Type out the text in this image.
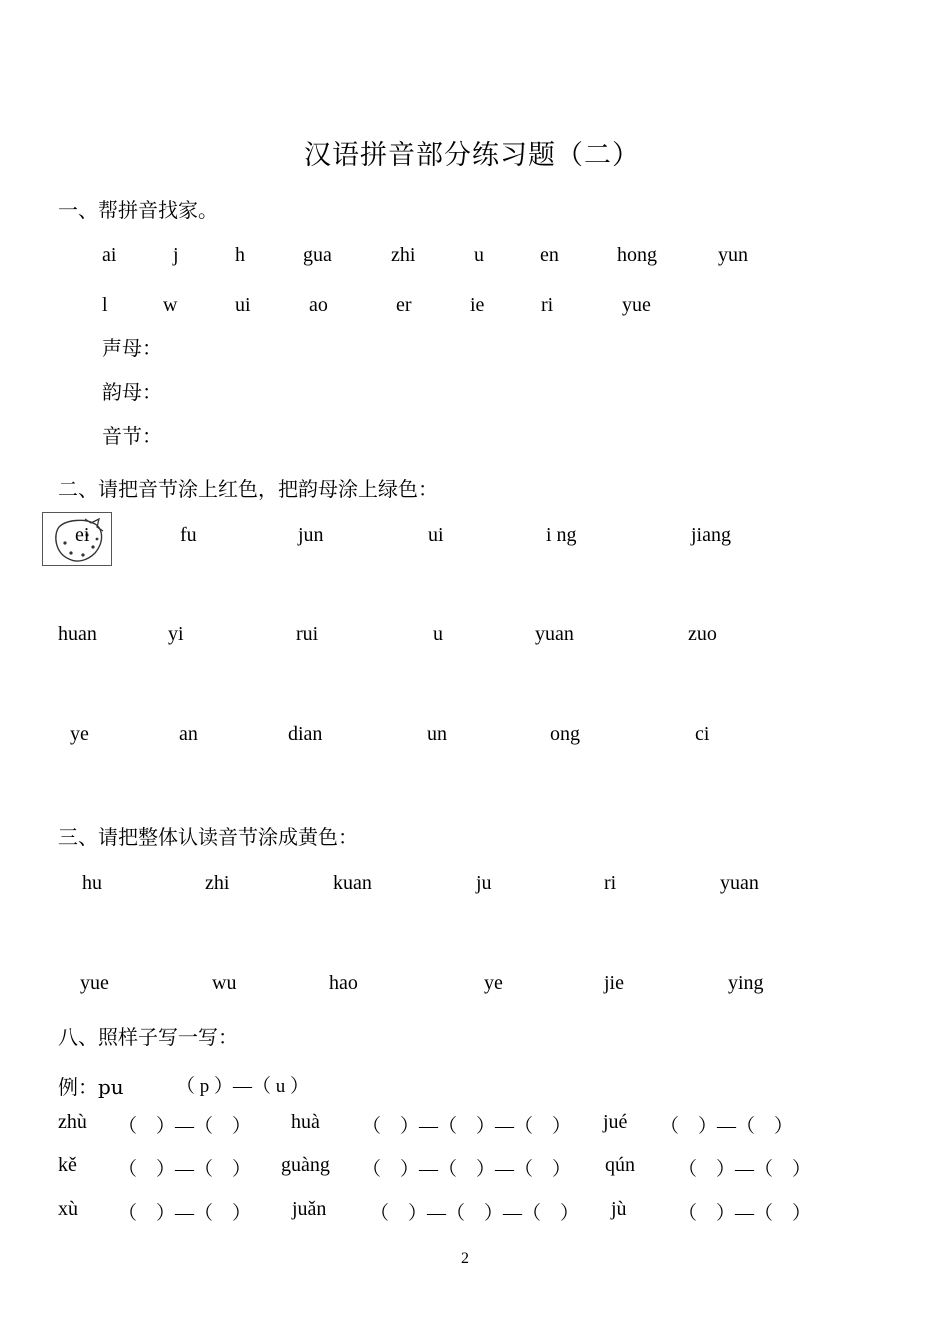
汉语拼音部分练习题（二）
一、帮拼音找家。
ai	j	h	gua	zhi	u	en	hong	yun
l	w	ui	ao	er	ie	ri	yue
声母：
韵母：
音节：
二、请把音节涂上红色，把韵母涂上绿色：
ei	fu	jun	ui	i ng	jiang
huan	yi	rui	u	yuan	zuo
ye	an	dian	un	ong	ci
三、请把整体认读音节涂成黄色：
hu	zhi	kuan	ju	ri	yuan
yue	wu	hao	ye	jie	ying
八、照样子写一写：
例：pu	（ p ）—（ u ）
zhù （　）—（　） huà （　）—（　）—（　） jué （　）—（　）
kě （　）—（　） guàng （　）—（　）—（　） qún （　）—（　）
xù （　）—（　） juǎn （　）—（　）—（　） jù	（　）—（　）
2
